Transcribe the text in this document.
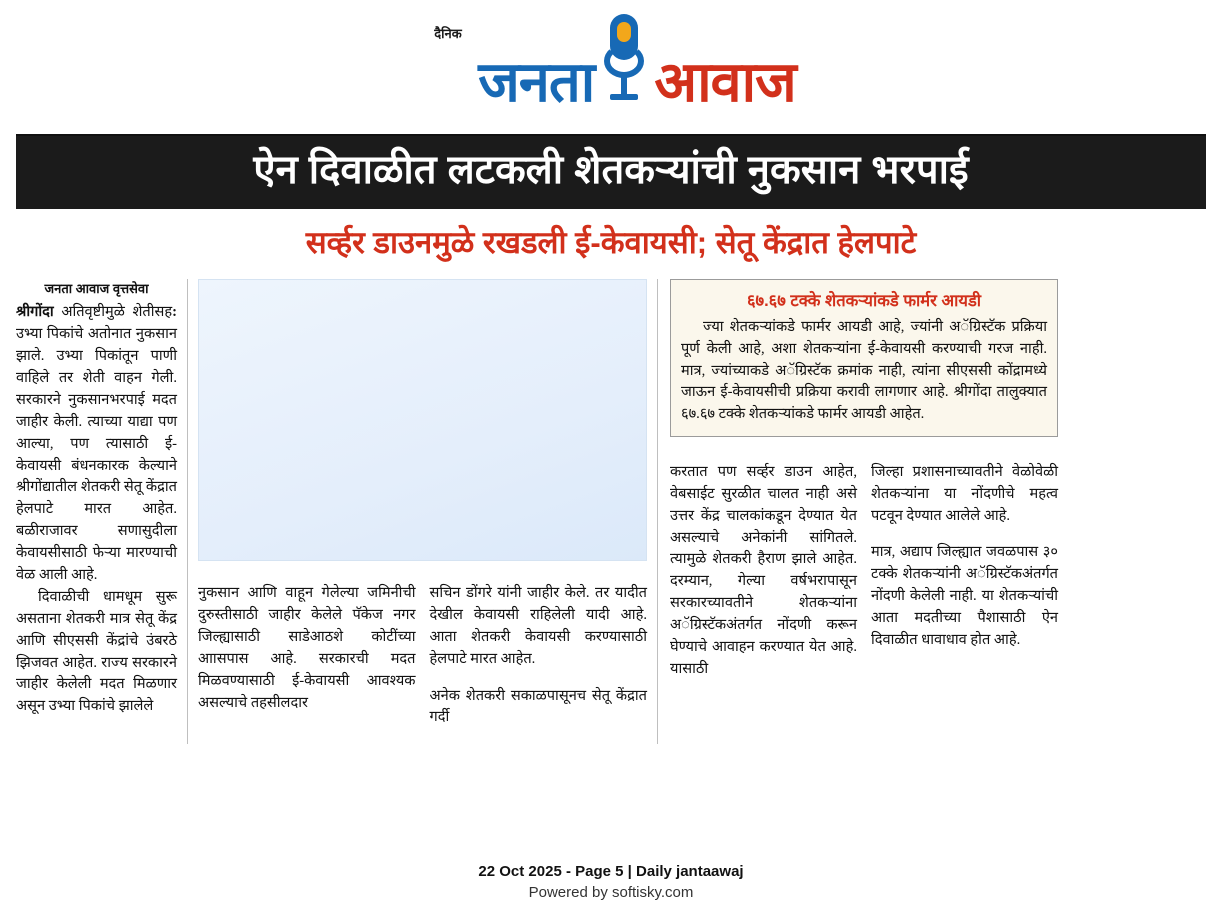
दैनिक
जनता आवाज
ऐन दिवाळीत लटकली शेतकऱ्यांची नुकसान भरपाई
सर्व्हर डाउनमुळे रखडली ई-केवायसी; सेतू केंद्रात हेलपाटे
जनता आवाज वृत्तसेवा

श्रीगोंदा	:
अतिवृष्टीमुळे शेतीसह उभ्या पिकांचे अतोनात नुकसान झाले. उभ्या पिकांतून पाणी वाहिले तर शेती वाहन गेली. सरकारने नुकसानभरपाई मदत जाहीर केली. त्याच्या याद्या पण आल्या, पण त्यासाठी ई-केवायसी बंधनकारक केल्याने श्रीगोंद्यातील शेतकरी सेतू केंद्रात हेलपाटे मारत आहेत. बळीराजावर सणासुदीला केवायसीसाठी फेऱ्या मारण्याची वेळ आली आहे.

दिवाळीची धामधूम सुरू असताना शेतकरी मात्र सेतू केंद्र आणि सीएससी केंद्रांचे उंबरठे झिजवत आहेत. राज्य सरकारने जाहीर केलेली मदत मिळणार असून उभ्या पिकांचे झालेले

नुकसान आणि वाहून गेलेल्या जमिनीची दुरुस्तीसाठी जाहीर केलेले पॅकेज नगर जिल्ह्यासाठी साडेआठशे कोटींच्या आासपास आहे. सरकारची मदत मिळवण्यासाठी ई-केवायसी आवश्यक असल्याचे तहसीलदार

सचिन डोंगरे यांनी जाहीर केले. तर यादीत देखील केवायसी राहिलेली यादी आहे. आता शेतकरी केवायसी करण्यासाठी हेलपाटे मारत आहेत.

अनेक शेतकरी सकाळपासूनच सेतू केंद्रात गर्दी

६७.६७ टक्के शेतकऱ्यांकडे फार्मर आयडी

ज्या शेतकऱ्यांकडे फार्मर आयडी आहे, ज्यांनी अॅग्रिस्टॅक प्रक्रिया पूर्ण केली आहे, अशा शेतकऱ्यांना ई-केवायसी करण्याची गरज नाही. मात्र, ज्यांच्याकडे अॅग्रिस्टॅक क्रमांक नाही, त्यांना सीएससी कोंद्रामध्ये जाऊन ई-केवायसीची प्रक्रिया करावी लागणार आहे. श्रीगोंदा तालुक्यात ६७.६७ टक्के शेतकऱ्यांकडे फार्मर आयडी आहेत.

करतात पण सर्व्हर डाउन आहेत, वेबसाईट सुरळीत चालत नाही असे उत्तर केंद्र चालकांकडून देण्यात येत असल्याचे अनेकांनी सांगितले. त्यामुळे शेतकरी हैराण झाले आहेत. दरम्यान, गेल्या वर्षभरापासून सरकारच्यावतीने शेतकऱ्यांना अॅग्रिस्टॅकअंतर्गत नोंदणी करून घेण्याचे आवाहन करण्यात येत आहे. यासाठी

जिल्हा प्रशासनाच्यावतीने वेळोवेळी शेतकऱ्यांना या नोंदणीचे महत्व पटवून देण्यात आलेले आहे.

मात्र, अद्याप जिल्ह्यात जवळपास ३० टक्के शेतकऱ्यांनी अॅग्रिस्टॅकअंतर्गत नोंदणी केलेली नाही. या शेतकऱ्यांची आता मदतीच्या पैशासाठी ऐन दिवाळीत धावाधाव होत आहे.

22 Oct 2025 - Page 5 | Daily jantaawaj
Powered by softisky.com
